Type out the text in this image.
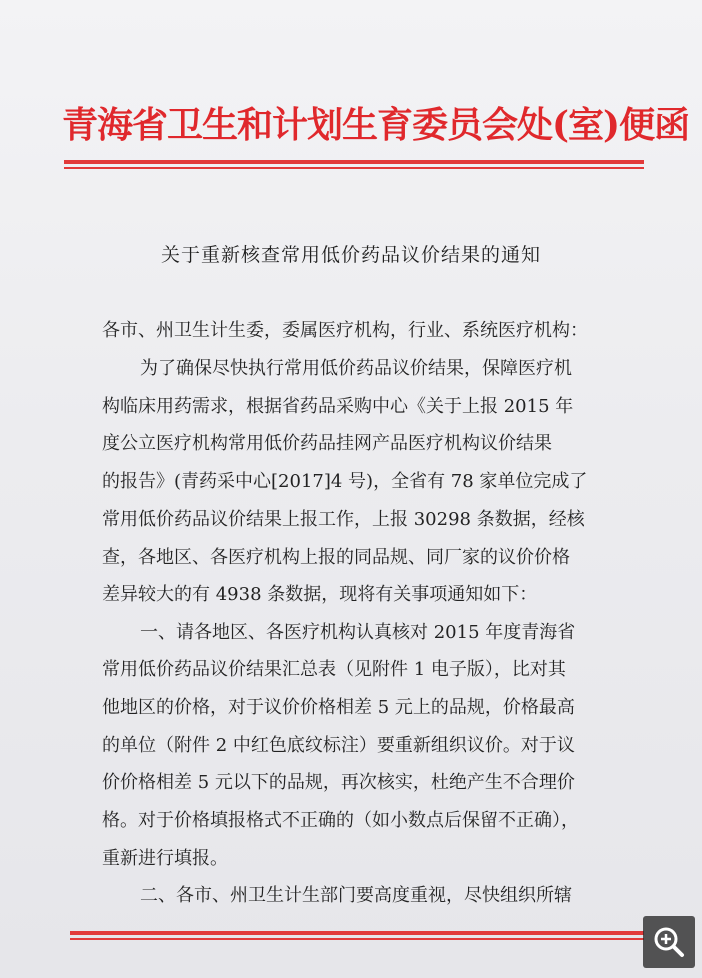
青海省卫生和计划生育委员会处(室)便函
关于重新核查常用低价药品议价结果的通知
各市、州卫生计生委，委属医疗机构，行业、系统医疗机构：
为了确保尽快执行常用低价药品议价结果，保障医疗机
构临床用药需求，根据省药品采购中心《关于上报 2015 年
度公立医疗机构常用低价药品挂网产品医疗机构议价结果
的报告》(青药采中心[2017]4 号)，全省有 78 家单位完成了
常用低价药品议价结果上报工作，上报 30298 条数据，经核
查，各地区、各医疗机构上报的同品规、同厂家的议价价格
差异较大的有 4938 条数据，现将有关事项通知如下：
一、请各地区、各医疗机构认真核对 2015 年度青海省
常用低价药品议价结果汇总表（见附件 1 电子版），比对其
他地区的价格，对于议价价格相差 5 元上的品规，价格最高
的单位（附件 2 中红色底纹标注）要重新组织议价。对于议
价价格相差 5 元以下的品规，再次核实，杜绝产生不合理价
格。对于价格填报格式不正确的（如小数点后保留不正确），
重新进行填报。
二、各市、州卫生计生部门要高度重视，尽快组织所辖
